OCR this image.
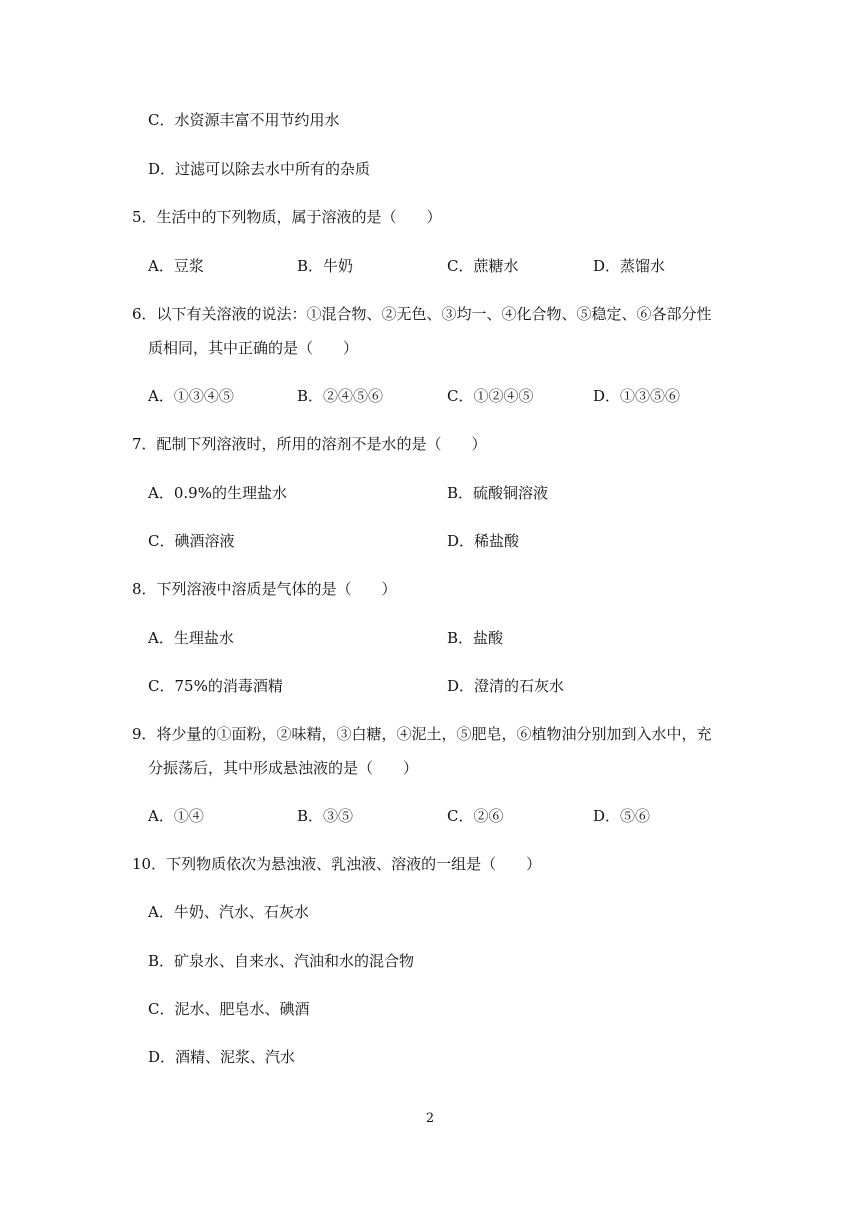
C．水资源丰富不用节约用水
D．过滤可以除去水中所有的杂质
5．生活中的下列物质，属于溶液的是（　　）
A．豆浆	B．牛奶	C．蔗糖水	D．蒸馏水
6．以下有关溶液的说法：①混合物、②无色、③均一、④化合物、⑤稳定、⑥各部分性
质相同，其中正确的是（　　）
A．①③④⑤	B．②④⑤⑥	C．①②④⑤	D．①③⑤⑥
7．配制下列溶液时，所用的溶剂不是水的是（　　）
A．0.9%的生理盐水	B．硫酸铜溶液
C．碘酒溶液	D．稀盐酸
8．下列溶液中溶质是气体的是（　　）
A．生理盐水	B．盐酸
C．75%的消毒酒精	D．澄清的石灰水
9．将少量的①面粉，②味精，③白糖，④泥土，⑤肥皂，⑥植物油分别加到入水中，充
分振荡后，其中形成悬浊液的是（　　）
A．①④	B．③⑤	C．②⑥	D．⑤⑥
10．下列物质依次为悬浊液、乳浊液、溶液的一组是（　　）
A．牛奶、汽水、石灰水
B．矿泉水、自来水、汽油和水的混合物
C．泥水、肥皂水、碘酒
D．酒精、泥浆、汽水
2
